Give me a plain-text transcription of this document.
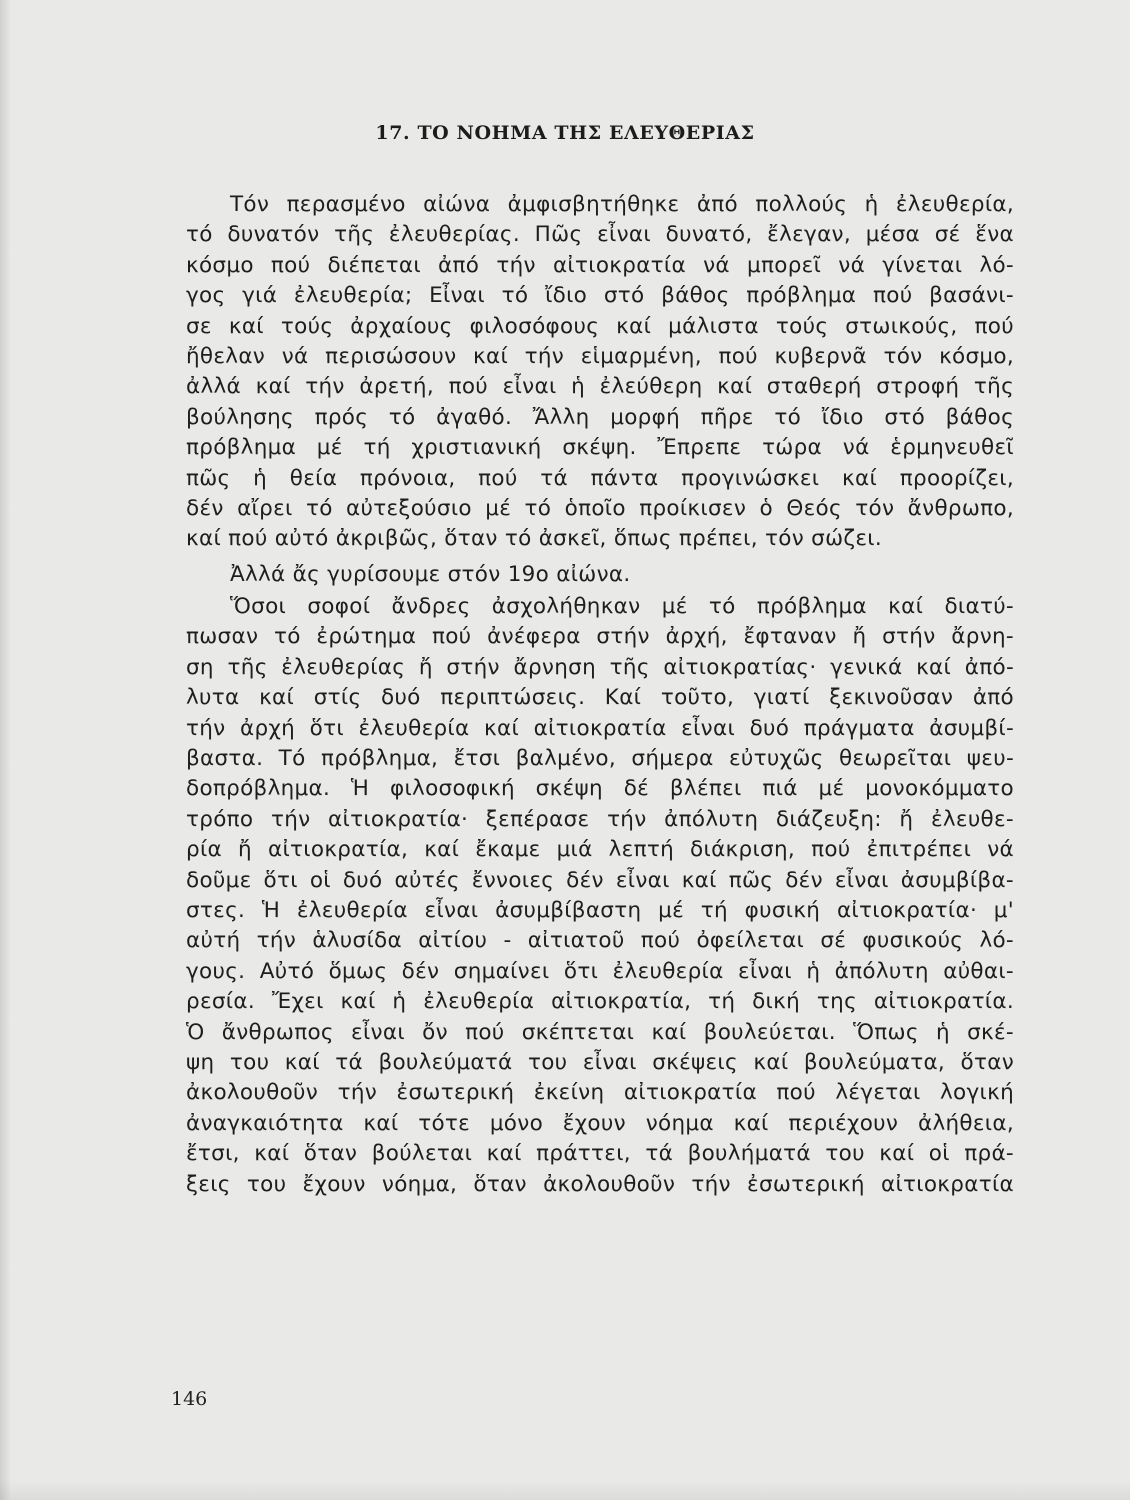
17. ΤΟ ΝΟΗΜΑ ΤΗΣ ΕΛΕΥΘΕΡΙΑΣ
Τόν περασμένο αἰώνα ἀμφισβητήθηκε ἀπό πολλούς ἡ ἐλευθερία,
τό δυνατόν τῆς ἐλευθερίας. Πῶς εἶναι δυνατό, ἔλεγαν, μέσα σέ ἕνα
κόσμο πού διέπεται ἀπό τήν αἰτιοκρατία νά μπορεῖ νά γίνεται λό-
γος γιά ἐλευθερία; Εἶναι τό ἴδιο στό βάθος πρόβλημα πού βασάνι-
σε καί τούς ἀρχαίους φιλοσόφους καί μάλιστα τούς στωικούς, πού
ἤθελαν νά περισώσουν καί τήν εἱμαρμένη, πού κυβερνᾶ τόν κόσμο,
ἀλλά καί τήν ἀρετή, πού εἶναι ἡ ἐλεύθερη καί σταθερή στροφή τῆς
βούλησης πρός τό ἀγαθό. Ἄλλη μορφή πῆρε τό ἴδιο στό βάθος
πρόβλημα μέ τή χριστιανική σκέψη. Ἔπρεπε τώρα νά ἑρμηνευθεῖ
πῶς ἡ θεία πρόνοια, πού τά πάντα προγινώσκει καί προορίζει,
δέν αἴρει τό αὐτεξούσιο μέ τό ὁποῖο προίκισεν ὁ Θεός τόν ἄνθρωπο,
καί πού αὐτό ἀκριβῶς, ὅταν τό ἀσκεῖ, ὅπως πρέπει, τόν σώζει.
Ἀλλά ἄς γυρίσουμε στόν 19ο αἰώνα.
Ὅσοι σοφοί ἄνδρες ἀσχολήθηκαν μέ τό πρόβλημα καί διατύ-
πωσαν τό ἐρώτημα πού ἀνέφερα στήν ἀρχή, ἔφταναν ἤ στήν ἄρνη-
ση τῆς ἐλευθερίας ἤ στήν ἄρνηση τῆς αἰτιοκρατίας· γενικά καί ἀπό-
λυτα καί στίς δυό περιπτώσεις. Καί τοῦτο, γιατί ξεκινοῦσαν ἀπό
τήν ἀρχή ὅτι ἐλευθερία καί αἰτιοκρατία εἶναι δυό πράγματα ἀσυμβί-
βαστα. Τό πρόβλημα, ἔτσι βαλμένο, σήμερα εὐτυχῶς θεωρεῖται ψευ-
δοπρόβλημα. Ἡ φιλοσοφική σκέψη δέ βλέπει πιά μέ μονοκόμματο
τρόπο τήν αἰτιοκρατία· ξεπέρασε τήν ἀπόλυτη διάζευξη: ἤ ἐλευθε-
ρία ἤ αἰτιοκρατία, καί ἔκαμε μιά λεπτή διάκριση, πού ἐπιτρέπει νά
δοῦμε ὅτι οἱ δυό αὐτές ἔννοιες δέν εἶναι καί πῶς δέν εἶναι ἀσυμβίβα-
στες. Ἡ ἐλευθερία εἶναι ἀσυμβίβαστη μέ τή φυσική αἰτιοκρατία· μ'
αὐτή τήν ἁλυσίδα αἰτίου - αἰτιατοῦ πού ὀφείλεται σέ φυσικούς λό-
γους. Αὐτό ὅμως δέν σημαίνει ὅτι ἐλευθερία εἶναι ἡ ἀπόλυτη αὐθαι-
ρεσία. Ἔχει καί ἡ ἐλευθερία αἰτιοκρατία, τή δική της αἰτιοκρατία.
Ὁ ἄνθρωπος εἶναι ὄν πού σκέπτεται καί βουλεύεται. Ὅπως ἡ σκέ-
ψη του καί τά βουλεύματά του εἶναι σκέψεις καί βουλεύματα, ὅταν
ἀκολουθοῦν τήν ἐσωτερική ἐκείνη αἰτιοκρατία πού λέγεται λογική
ἀναγκαιότητα καί τότε μόνο ἔχουν νόημα καί περιέχουν ἀλήθεια,
ἔτσι, καί ὅταν βούλεται καί πράττει, τά βουλήματά του καί οἱ πρά-
ξεις του ἔχουν νόημα, ὅταν ἀκολουθοῦν τήν ἐσωτερική αἰτιοκρατία
146
